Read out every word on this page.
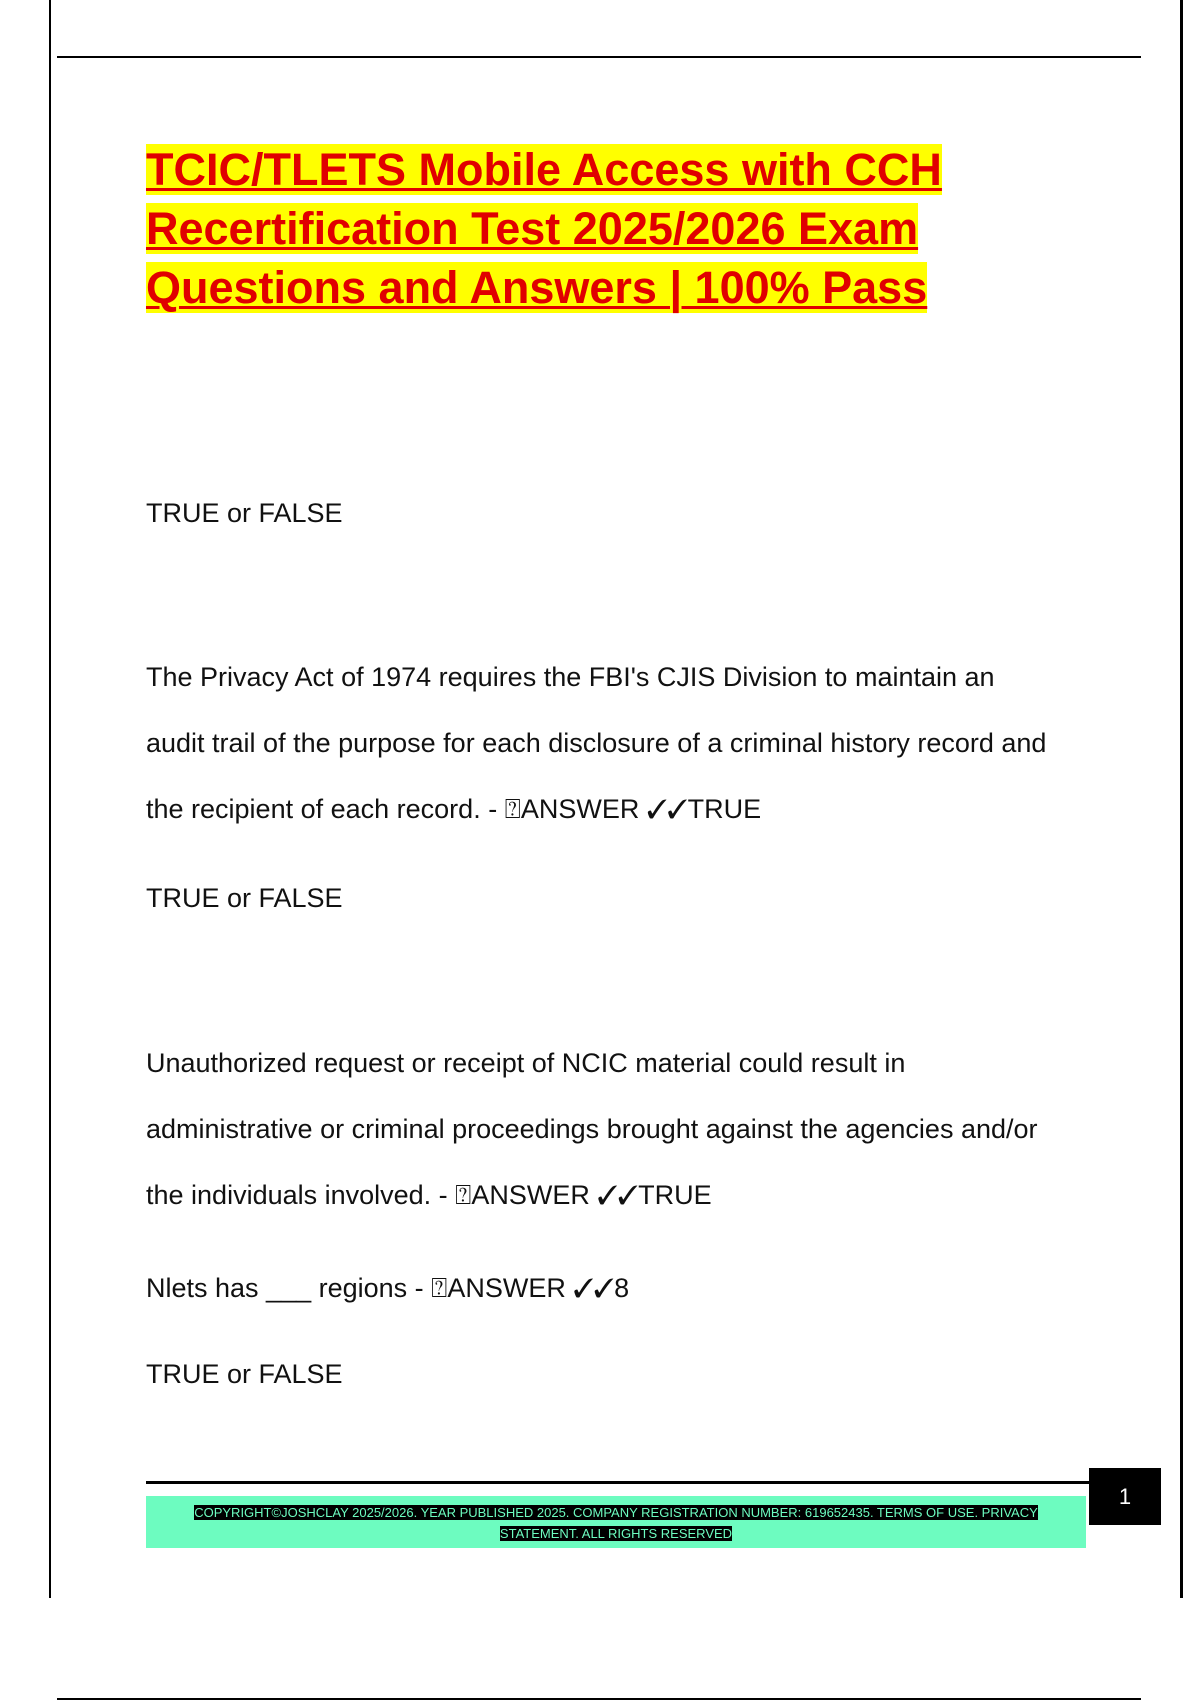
TCIC/TLETS Mobile Access with CCH
Recertification Test 2025/2026 Exam
Questions and Answers | 100% Pass

TRUE or FALSE

The Privacy Act of 1974 requires the FBI's CJIS Division to maintain an
audit trail of the purpose for each disclosure of a criminal history record and
the recipient of each record. - ⍰ANSWER ✓✓TRUE

TRUE or FALSE

Unauthorized request or receipt of NCIC material could result in
administrative or criminal proceedings brought against the agencies and/or
the individuals involved. - ⍰ANSWER ✓✓TRUE

Nlets has ___ regions - ⍰ANSWER ✓✓8

TRUE or FALSE

COPYRIGHT©JOSHCLAY 2025/2026. YEAR PUBLISHED 2025. COMPANY REGISTRATION NUMBER: 619652435. TERMS OF USE. PRIVACY
STATEMENT. ALL RIGHTS RESERVED
1
